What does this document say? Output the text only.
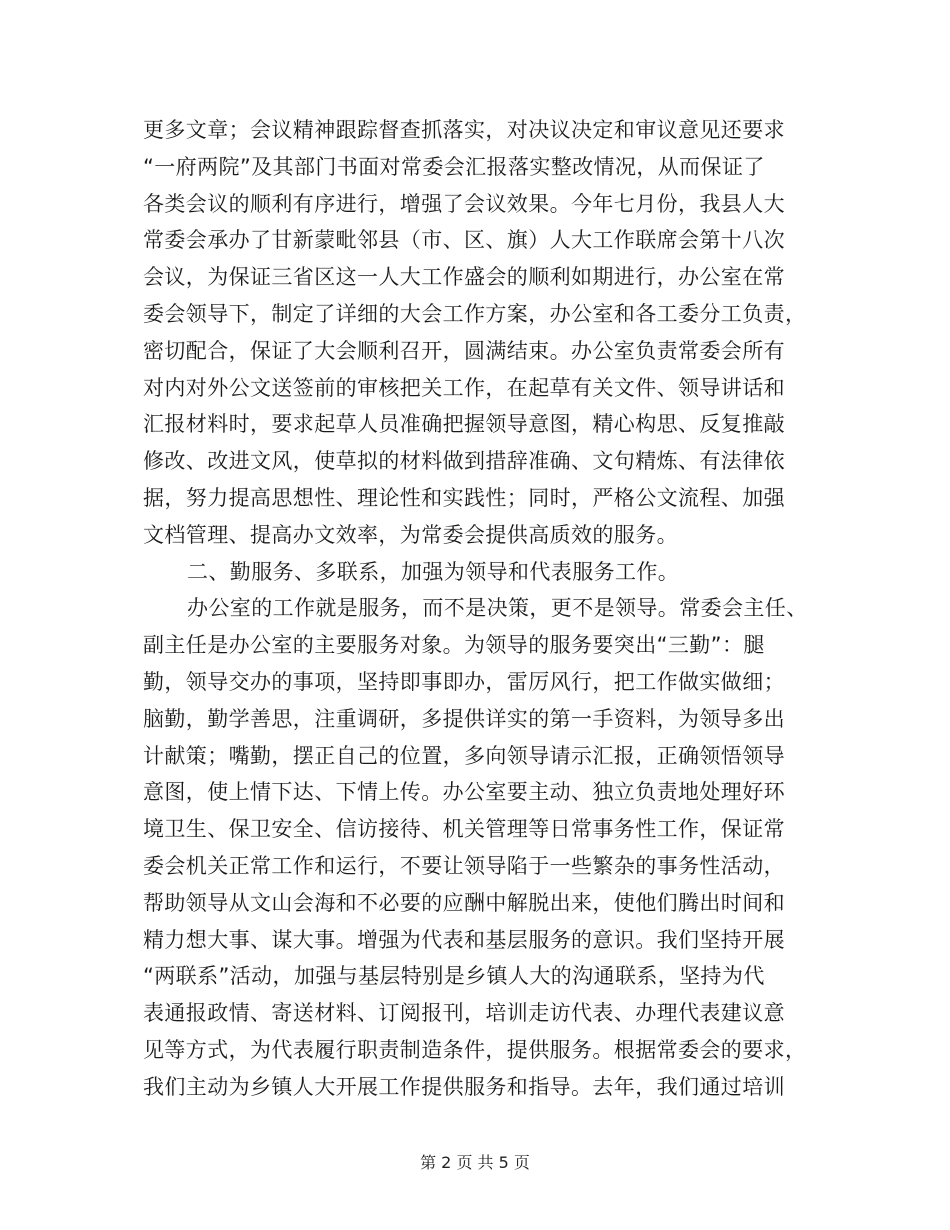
更多文章；会议精神跟踪督查抓落实，对决议决定和审议意见还要求
“一府两院”及其部门书面对常委会汇报落实整改情况，从而保证了
各类会议的顺利有序进行，增强了会议效果。今年七月份，我县人大
常委会承办了甘新蒙毗邻县（市、区、旗）人大工作联席会第十八次
会议，为保证三省区这一人大工作盛会的顺利如期进行，办公室在常
委会领导下，制定了详细的大会工作方案，办公室和各工委分工负责，
密切配合，保证了大会顺利召开，圆满结束。办公室负责常委会所有
对内对外公文送签前的审核把关工作，在起草有关文件、领导讲话和
汇报材料时，要求起草人员准确把握领导意图，精心构思、反复推敲
修改、改进文风，使草拟的材料做到措辞准确、文句精炼、有法律依
据，努力提高思想性、理论性和实践性；同时，严格公文流程、加强
文档管理、提高办文效率，为常委会提供高质效的服务。
二、勤服务、多联系，加强为领导和代表服务工作。
办公室的工作就是服务，而不是决策，更不是领导。常委会主任、
副主任是办公室的主要服务对象。为领导的服务要突出“三勤”：腿
勤，领导交办的事项，坚持即事即办，雷厉风行，把工作做实做细；
脑勤，勤学善思，注重调研，多提供详实的第一手资料，为领导多出
计献策；嘴勤，摆正自己的位置，多向领导请示汇报，正确领悟领导
意图，使上情下达、下情上传。办公室要主动、独立负责地处理好环
境卫生、保卫安全、信访接待、机关管理等日常事务性工作，保证常
委会机关正常工作和运行，不要让领导陷于一些繁杂的事务性活动，
帮助领导从文山会海和不必要的应酬中解脱出来，使他们腾出时间和
精力想大事、谋大事。增强为代表和基层服务的意识。我们坚持开展
“两联系”活动，加强与基层特别是乡镇人大的沟通联系，坚持为代
表通报政情、寄送材料、订阅报刊，培训走访代表、办理代表建议意
见等方式，为代表履行职责制造条件，提供服务。根据常委会的要求，
我们主动为乡镇人大开展工作提供服务和指导。去年，我们通过培训
第 2 页 共 5 页
